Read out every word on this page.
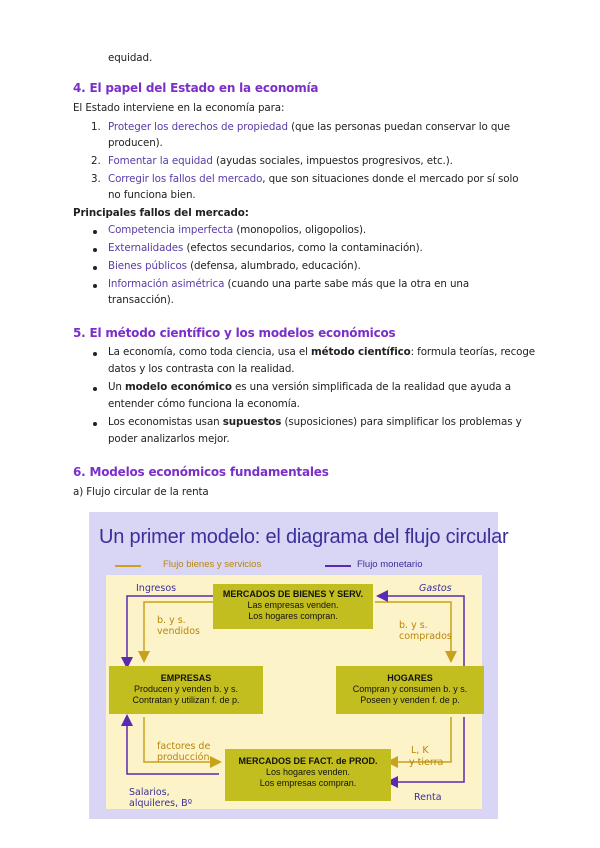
equidad.
4. El papel del Estado en la economía
El Estado interviene en la economía para:
1. Proteger los derechos de propiedad (que las personas puedan conservar lo que
producen).
2. Fomentar la equidad (ayudas sociales, impuestos progresivos, etc.).
3. Corregir los fallos del mercado, que son situaciones donde el mercado por sí solo
no funciona bien.
Principales fallos del mercado:
Competencia imperfecta (monopolios, oligopolios).
Externalidades (efectos secundarios, como la contaminación).
Bienes públicos (defensa, alumbrado, educación).
Información asimétrica (cuando una parte sabe más que la otra en una
transacción).
5. El método científico y los modelos económicos
La economía, como toda ciencia, usa el método científico: formula teorías, recoge
datos y los contrasta con la realidad.
Un modelo económico es una versión simplificada de la realidad que ayuda a
entender cómo funciona la economía.
Los economistas usan supuestos (suposiciones) para simplificar los problemas y
poder analizarlos mejor.
6. Modelos económicos fundamentales
a) Flujo circular de la renta
Un primer modelo: el diagrama del flujo circular
Flujo bienes y servicios	Flujo monetario
MERCADOS DE BIENES Y SERV.
Las empresas venden.
Los hogares compran.
EMPRESAS
Producen y venden b. y s.
Contratan y utilizan f. de p.
HOGARES
Compran y consumen b. y s.
Poseen y venden f. de p.
MERCADOS DE FACT. de PROD.
Los hogares venden.
Los empresas compran.
Ingresos	Gastos
b. y s.
vendidos
b. y s.
comprados
factores de
producción
L, K
y tierra
Salarios,
alquileres, Bº
Renta
